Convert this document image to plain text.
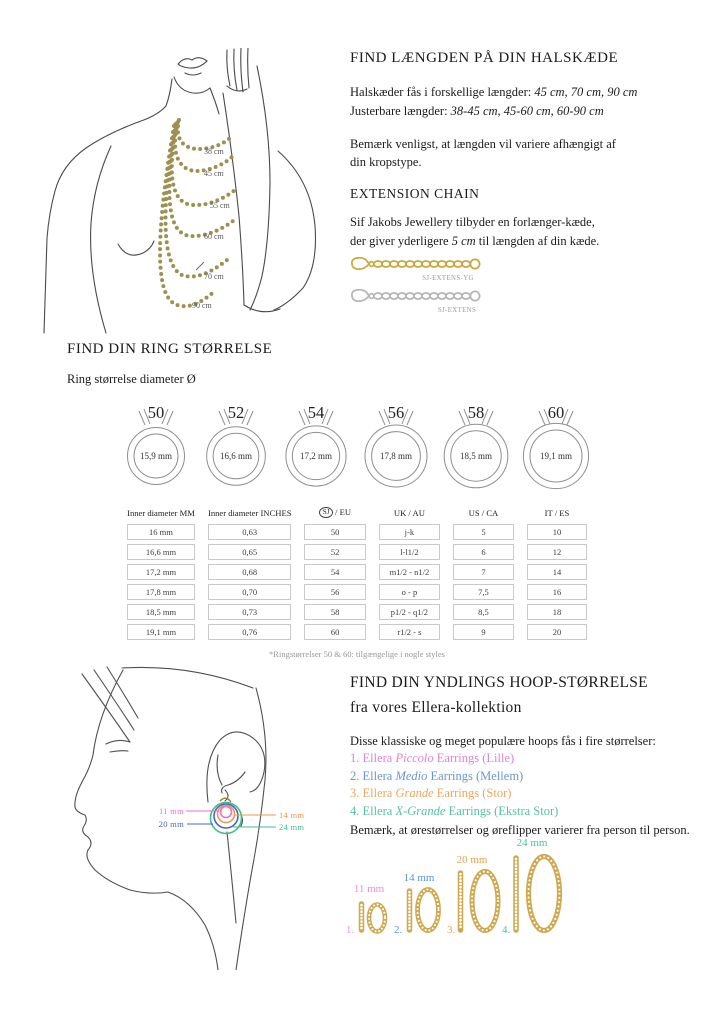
38 cm
45 cm
55 cm
60 cm
70 cm
90 cm
FIND LÆNGDEN PÅ DIN HALSKÆDE

Halskæder fås i forskellige længder: 45 cm, 70 cm, 90 cm
Justerbare længder: 38-45 cm, 45-60 cm, 60-90 cm

Bemærk venligst, at længden vil variere afhængigt af din kropstype.

EXTENSION CHAIN

Sif Jakobs Jewellery tilbyder en forlænger-kæde,
der giver yderligere 5 cm til længden af din kæde.

SJ-EXTENS-YG
SJ-EXTENS
FIND DIN RING STØRRELSE

Ring størrelse diameter Ø

50
15,9 mm
52
16,6 mm
54
17,2 mm
56
17,8 mm
58
18,5 mm
60
19,1 mm
Inner diameter MM	Inner diameter INCHES	SJ / EU	UK / AU	US / CA	IT / ES
16 mm	0,63	50	j-k	5	10
16,6 mm	0,65	52	l-l1/2	6	12
17,2 mm	0,68	54	m1/2 - n1/2	7	14
17,8 mm	0,70	56	o - p	7,5	16
18,5 mm	0,73	58	p1/2 - q1/2	8,5	18
19,1 mm	0,76	60	r1/2 - s	9	20
*Ringstørrelser 50 & 60: tilgængelige i nogle styles
11 mm
20 mm
14 mm
24 mm
FIND DIN YNDLINGS HOOP-STØRRELSE
fra vores Ellera-kollektion

Disse klassiske og meget populære hoops fås i fire størrelser:

1. Ellera Piccolo Earrings (Lille)
2. Ellera Medio Earrings (Mellem)
3. Ellera Grande Earrings (Stor)
4. Ellera X-Grande Earrings (Ekstra Stor)

Bemærk, at ørestørrelser og øreflipper varierer fra person til person.

11 mm
1.
14 mm
2.
20 mm
3.
24 mm
4.
